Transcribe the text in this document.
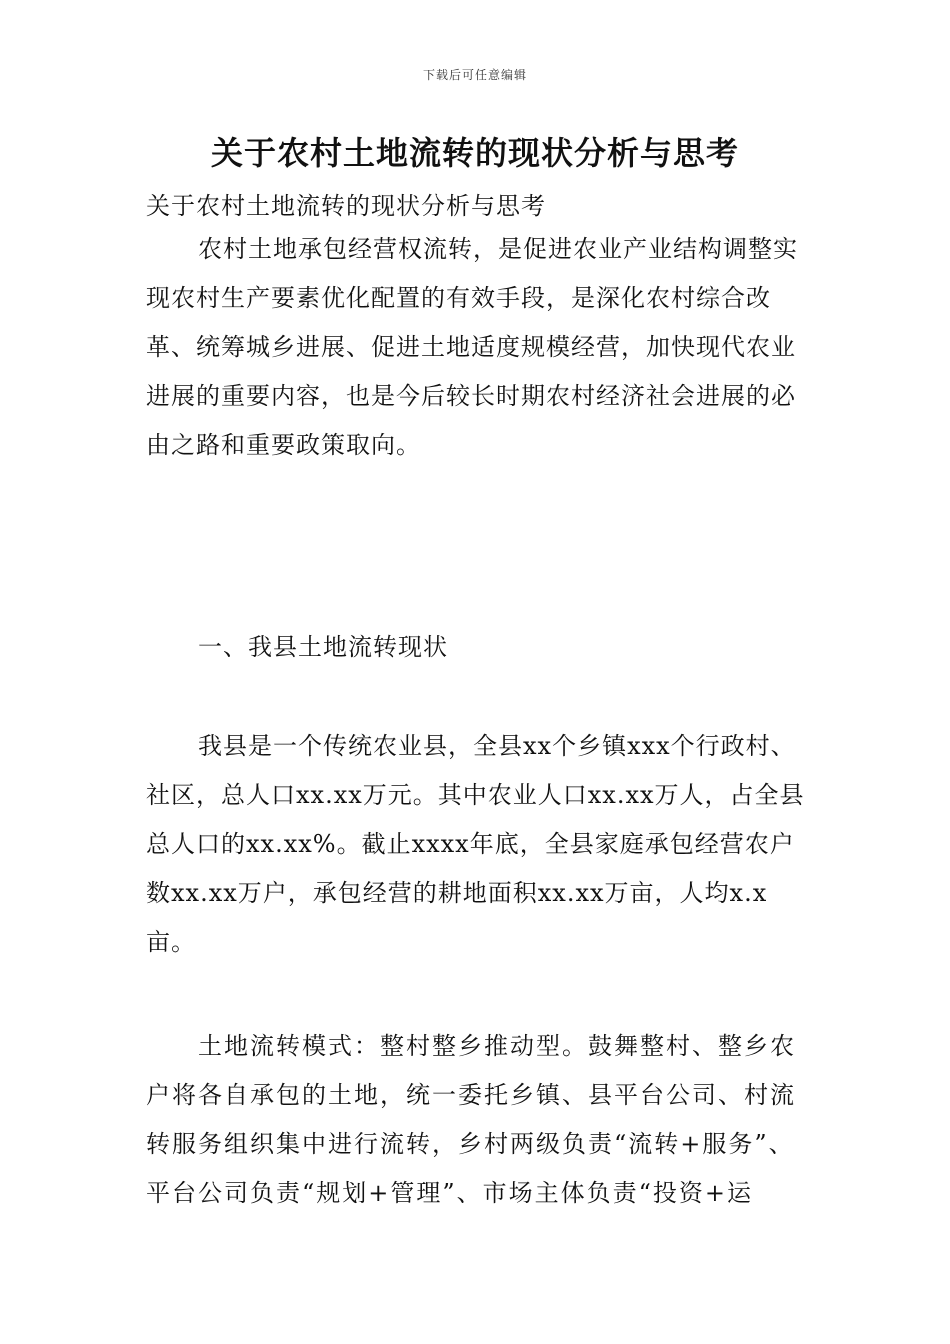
下载后可任意编辑
关于农村土地流转的现状分析与思考

关于农村土地流转的现状分析与思考

农村土地承包经营权流转，是促进农业产业结构调整实现农村生产要素优化配置的有效手段，是深化农村综合改革、统筹城乡进展、促进土地适度规模经营，加快现代农业进展的重要内容，也是今后较长时期农村经济社会进展的必由之路和重要政策取向。

一、我县土地流转现状

我县是一个传统农业县，全县xx个乡镇xxx个行政村、社区，总人口xx.xx万元。其中农业人口xx.xx万人，占全县总人口的xx.xx%。截止xxxx年底，全县家庭承包经营农户数xx.xx万户，承包经营的耕地面积xx.xx万亩，人均x.x亩。

土地流转模式：整村整乡推动型。鼓舞整村、整乡农户将各自承包的土地，统一委托乡镇、县平台公司、村流转服务组织集中进行流转，乡村两级负责“流转+服务”、平台公司负责“规划+管理”、市场主体负责“投资+运
